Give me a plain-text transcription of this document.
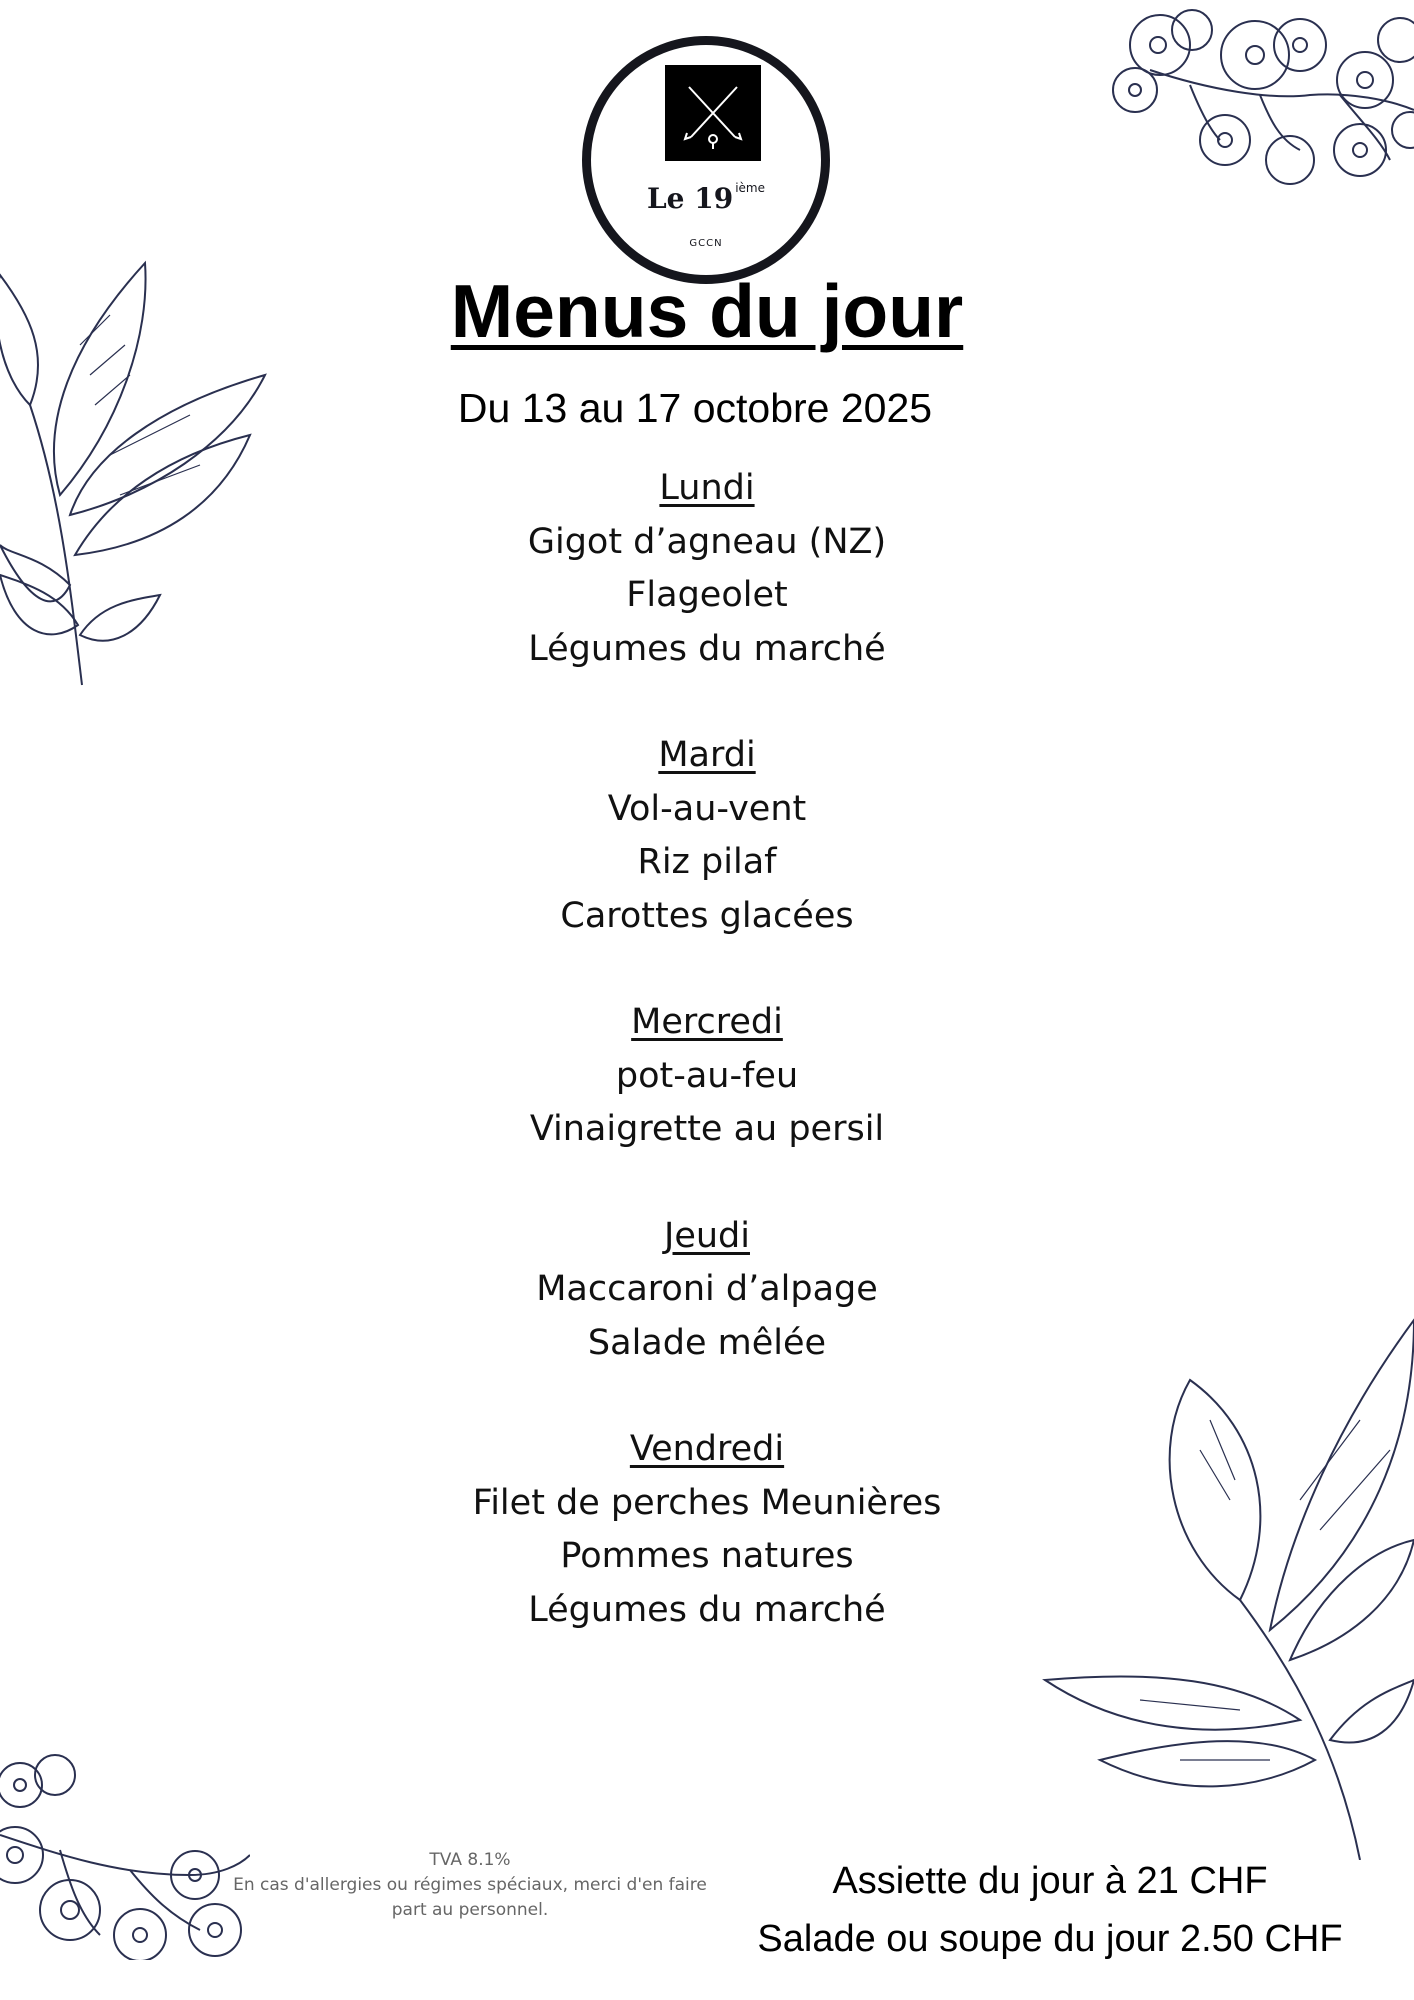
Le 19 $^{ième}$
GCCN
Menus du jour
Du 13 au 17 octobre 2025
Lundi
Gigot d’agneau (NZ)
Flageolet
Légumes du marché
Mardi
Vol-au-vent
Riz pilaf
Carottes glacées
Mercredi
pot-au-feu
Vinaigrette au persil
Jeudi
Maccaroni d’alpage
Salade mêlée
Vendredi
Filet de perches Meunières
Pommes natures
Légumes du marché
TVA 8.1%
En cas d'allergies ou régimes spéciaux, merci d'en faire
part au personnel.
Assiette du jour à 21 CHF
Salade ou soupe du jour 2.50 CHF
